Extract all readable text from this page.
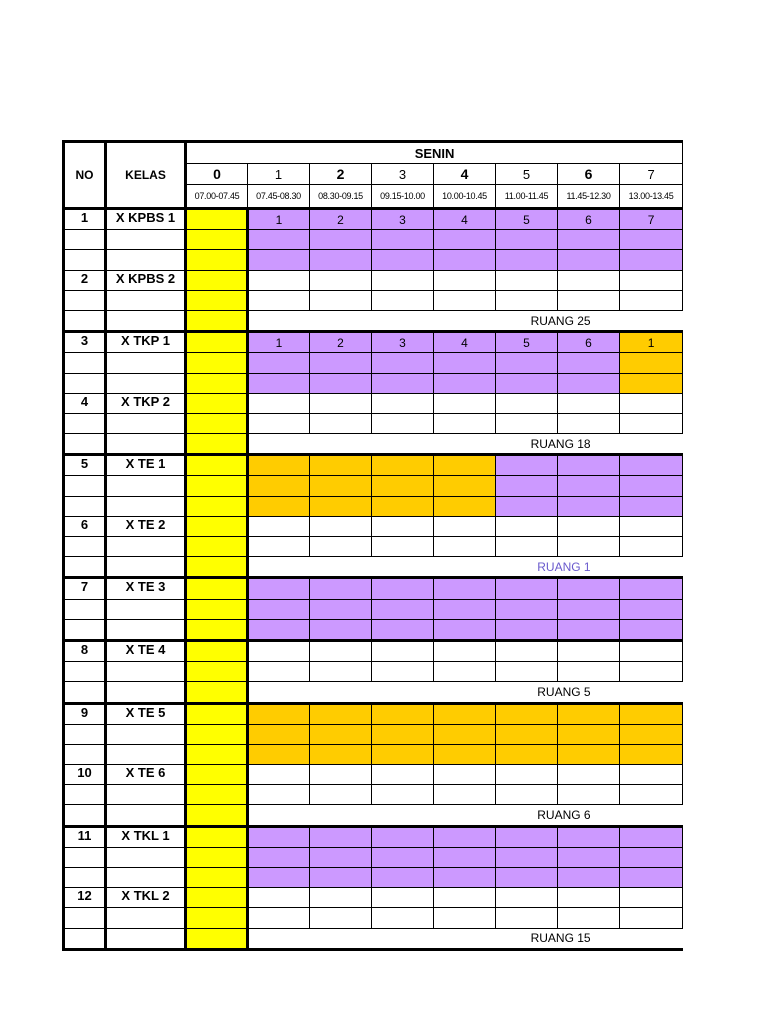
NO	KELAS	SENIN							
		0	1	2	3	4	5	6	7
		07.00-07.45	07.45-08.30	08.30-09.15	09.15-10.00	10.00-10.45	11.00-11.45	11.45-12.30	13.00-13.45
1	X KPBS 1		1	2	3	4	5	6	7

2	X KPBS 2								

			RUANG 25						
3	X TKP 1		1	2	3	4	5	6	1

4	X TKP 2								

			RUANG 18						
5	X TE 1								

6	X TE 2								

			RUANG 1						
7	X TE 3								

8	X TE 4								

			RUANG 5						
9	X TE 5								

10	X TE 6								

			RUANG 6						
11	X TKL 1								

12	X TKL 2								

			RUANG 15						
